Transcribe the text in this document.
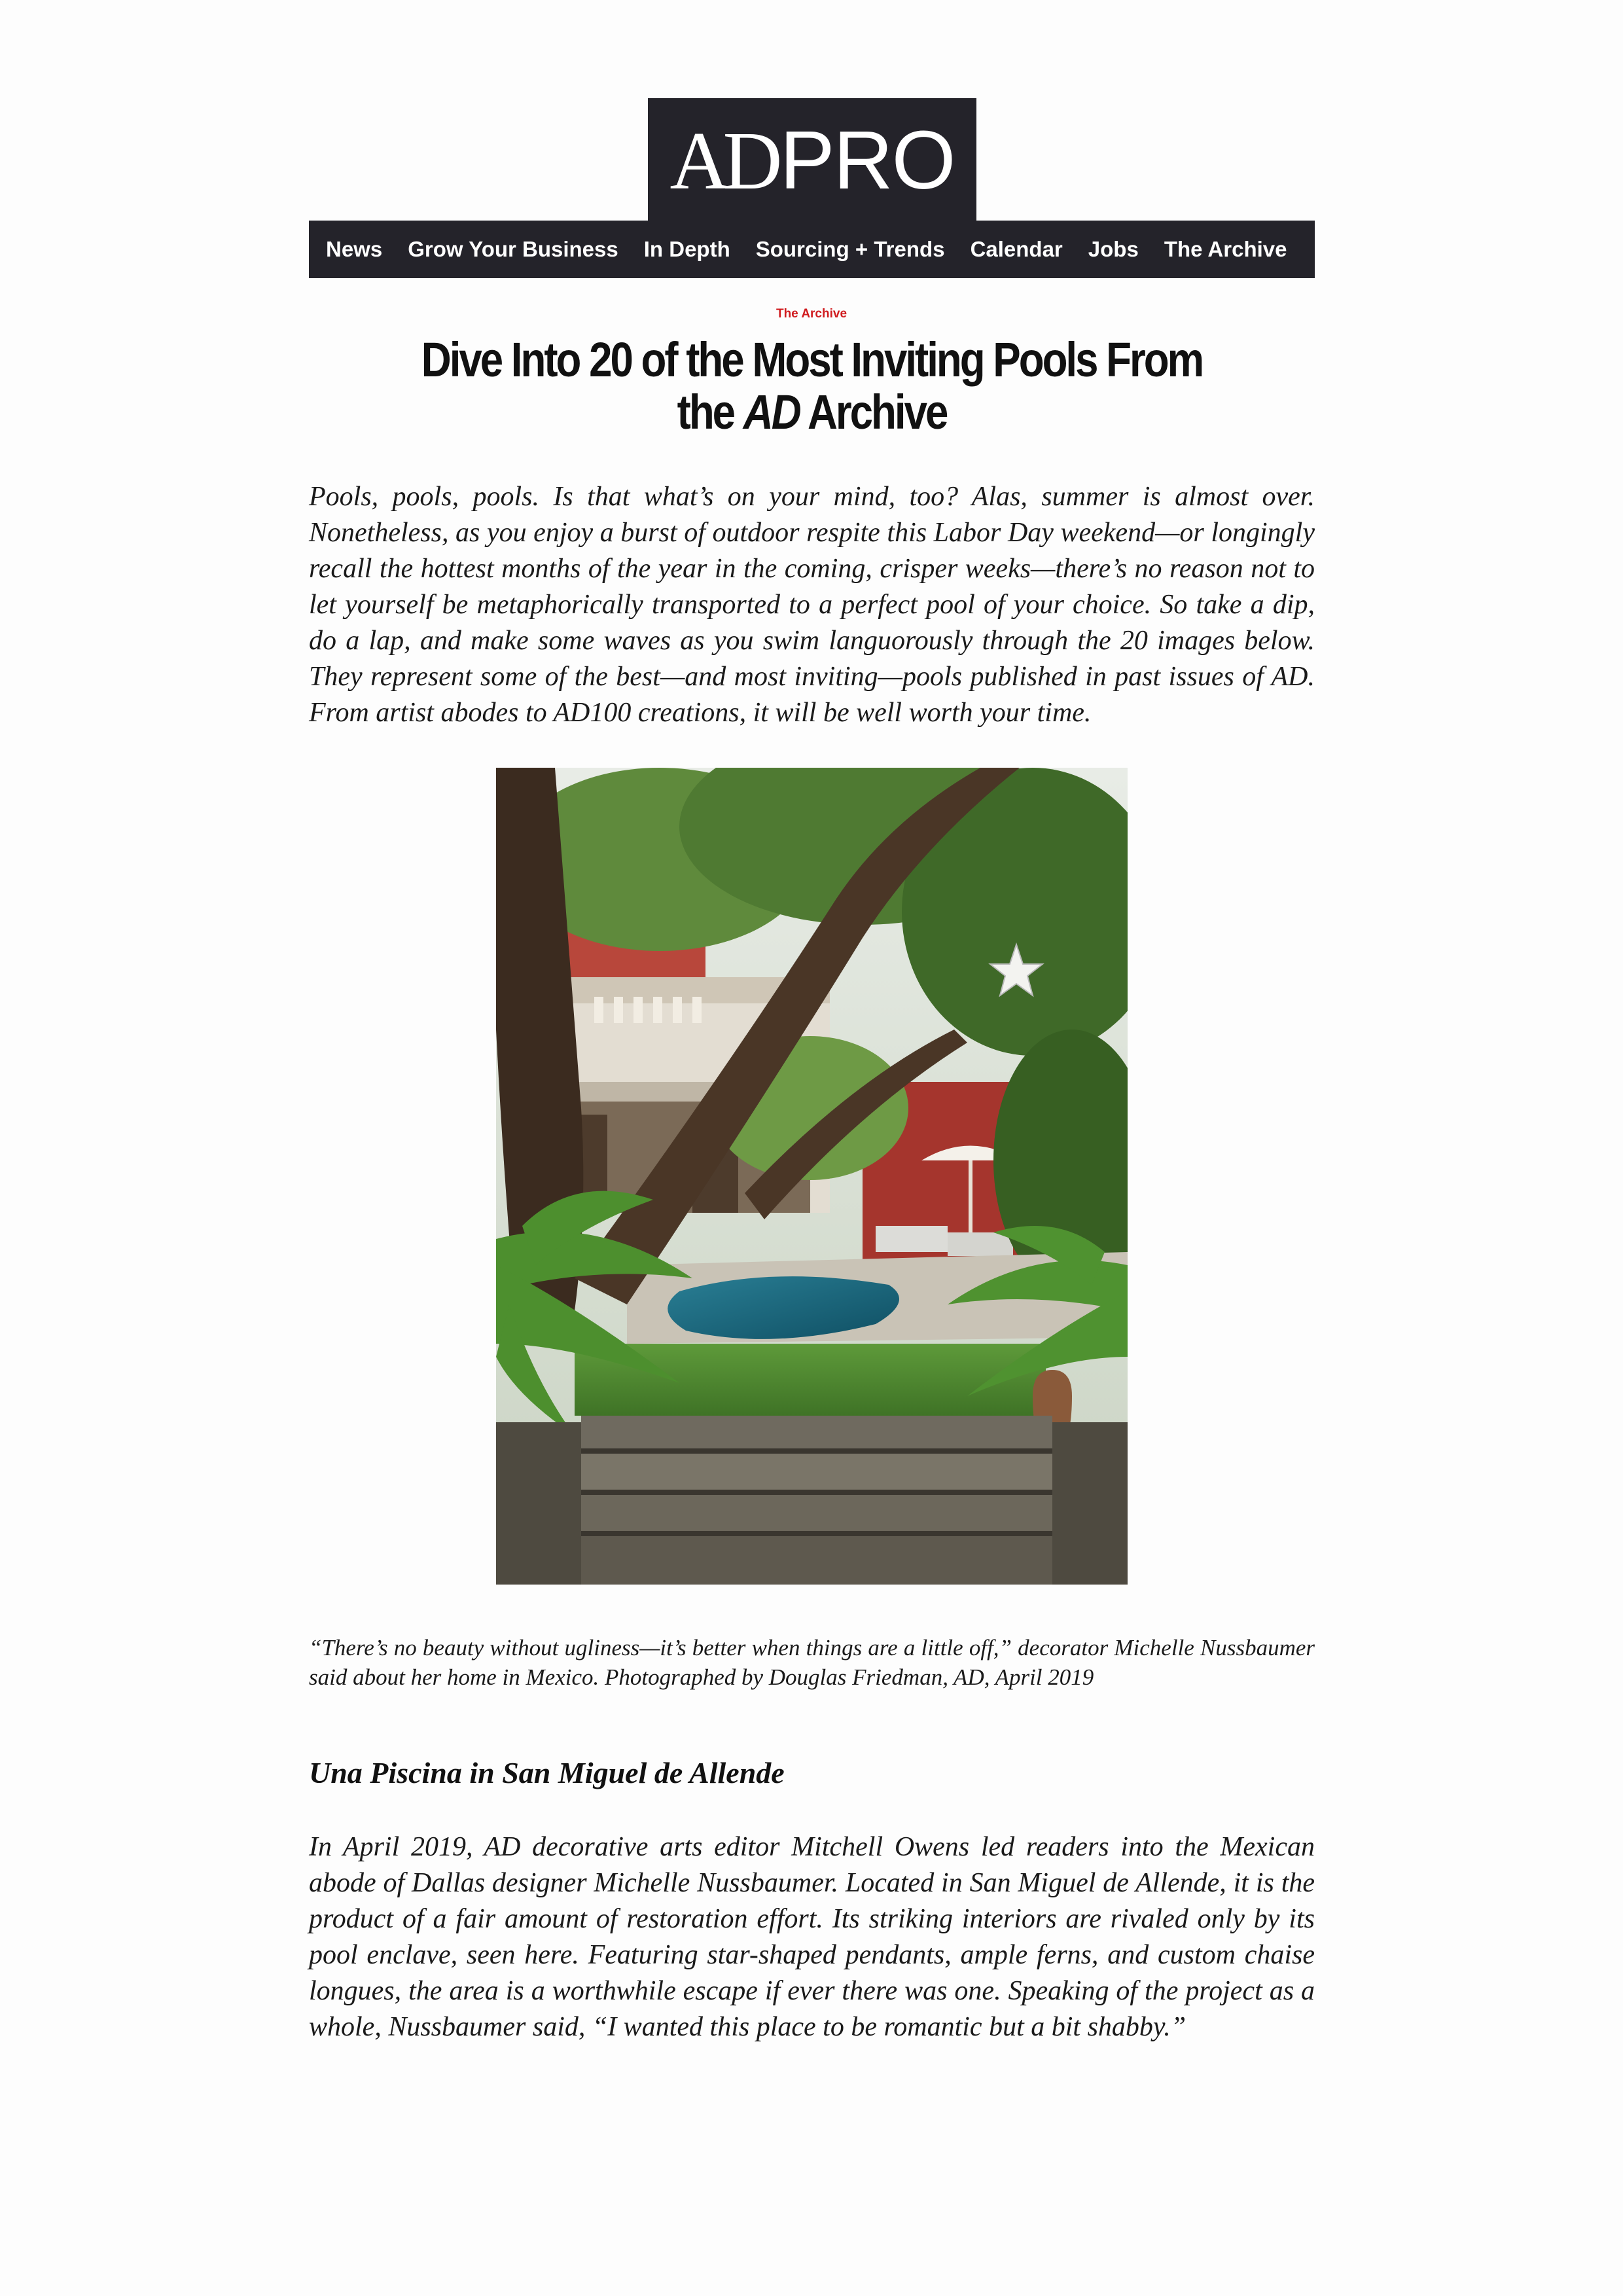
ADPRO
News Grow Your Business In Depth Sourcing + Trends Calendar Jobs The Archive
The Archive
Dive Into 20 of the Most Inviting Pools From
the AD Archive

Pools, pools, pools. Is that what’s on your mind, too? Alas, summer is almost over. Nonetheless, as you enjoy a burst of outdoor respite this Labor Day weekend—or longingly recall the hottest months of the year in the coming, crisper weeks—there’s no reason not to let yourself be metaphorically transported to a perfect pool of your choice. So take a dip, do a lap, and make some waves as you swim languorously through the 20 images below. They represent some of the best—and most inviting—pools published in past issues of AD. From artist abodes to AD100 creations, it will be well worth your time.

“There’s no beauty without ugliness—it’s better when things are a little off,” decorator Michelle Nussbaumer said about her home in Mexico. Photographed by Douglas Friedman, AD, April 2019

Una Piscina in San Miguel de Allende

In April 2019, AD decorative arts editor Mitchell Owens led readers into the Mexican abode of Dallas designer Michelle Nussbaumer. Located in San Miguel de Allende, it is the product of a fair amount of restoration effort. Its striking interiors are rivaled only by its pool enclave, seen here. Featuring star-shaped pendants, ample ferns, and custom chaise longues, the area is a worthwhile escape if ever there was one. Speaking of the project as a whole, Nussbaumer said, “I wanted this place to be romantic but a bit shabby.”
